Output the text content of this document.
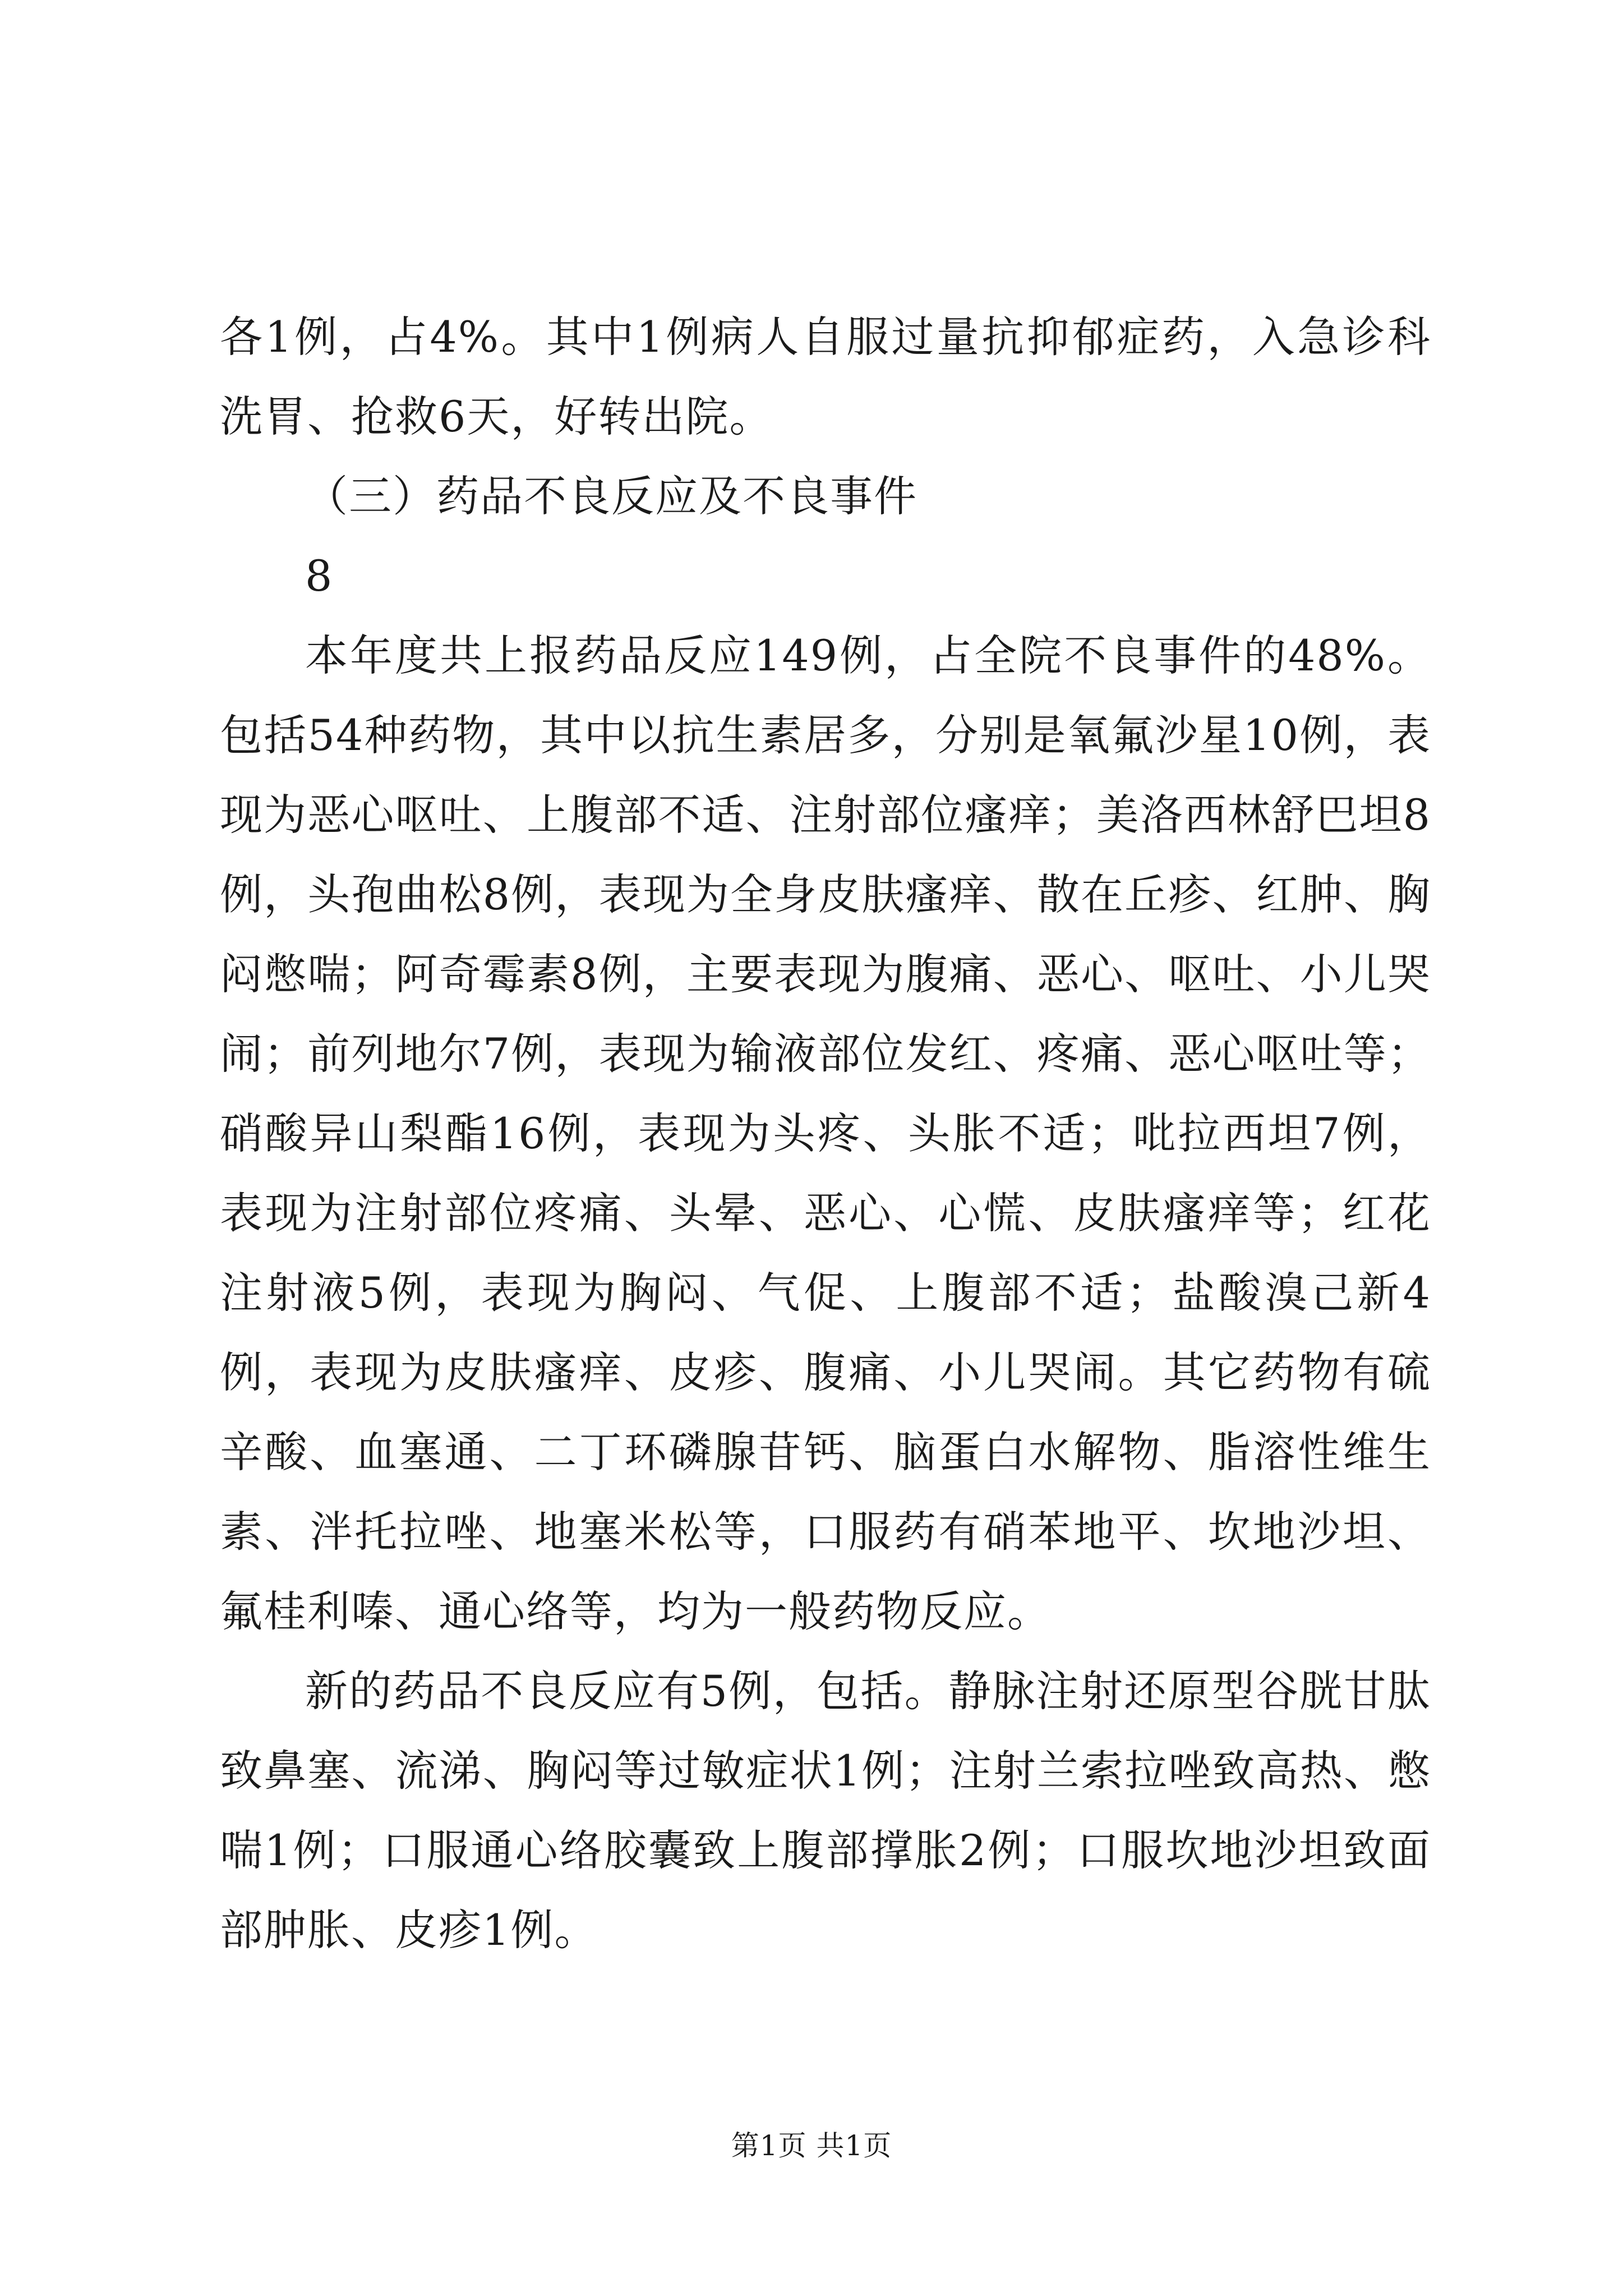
各1例，占4%。其中1例病人自服过量抗抑郁症药，入急诊科洗胃、抢救6天，好转出院。

（三）药品不良反应及不良事件

8

本年度共上报药品反应149例，占全院不良事件的48%。包括54种药物，其中以抗生素居多，分别是氧氟沙星10例，表现为恶心呕吐、上腹部不适、注射部位瘙痒；美洛西林舒巴坦8例，头孢曲松8例，表现为全身皮肤瘙痒、散在丘疹、红肿、胸闷憋喘；阿奇霉素8例，主要表现为腹痛、恶心、呕吐、小儿哭闹；前列地尔7例，表现为输液部位发红、疼痛、恶心呕吐等；硝酸异山梨酯16例，表现为头疼、头胀不适；吡拉西坦7例，表现为注射部位疼痛、头晕、恶心、心慌、皮肤瘙痒等；红花注射液5例，表现为胸闷、气促、上腹部不适；盐酸溴己新4例，表现为皮肤瘙痒、皮疹、腹痛、小儿哭闹。其它药物有硫辛酸、血塞通、二丁环磷腺苷钙、脑蛋白水解物、脂溶性维生素、泮托拉唑、地塞米松等，口服药有硝苯地平、坎地沙坦、氟桂利嗪、通心络等，均为一般药物反应。

新的药品不良反应有5例，包括。静脉注射还原型谷胱甘肽致鼻塞、流涕、胸闷等过敏症状1例；注射兰索拉唑致高热、憋喘1例；口服通心络胶囊致上腹部撑胀2例；口服坎地沙坦致面部肿胀、皮疹1例。

第1页 共1页
